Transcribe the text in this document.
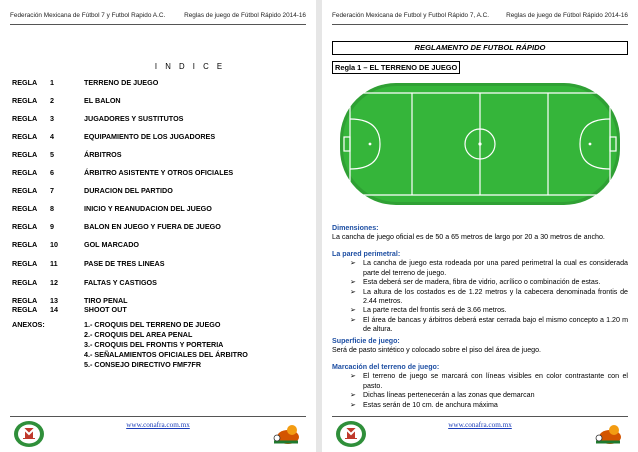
Federación Mexicana de Fútbol 7 y Futbol Rapido A.C.	Reglas de juego de Fútbol Rápido 2014-16
I N D I C E
REGLA 1	TERRENO DE JUEGO
REGLA 2	EL BALON
REGLA 3	JUGADORES Y SUSTITUTOS
REGLA 4	EQUIPAMIENTO DE LOS JUGADORES
REGLA 5	ÁRBITROS
REGLA 6	ÁRBITRO ASISTENTE Y OTROS OFICIALES
REGLA 7	DURACION DEL PARTIDO
REGLA 8	INICIO Y REANUDACION DEL JUEGO
REGLA 9	BALON EN JUEGO Y FUERA DE JUEGO
REGLA 10	GOL MARCADO
REGLA 11	PASE DE TRES LINEAS
REGLA 12	FALTAS Y CASTIGOS
REGLA 13	TIRO PENAL
REGLA 14	SHOOT OUT
ANEXOS:	1.- CROQUIS DEL TERRENO DE JUEGO
2.- CROQUIS DEL AREA PENAL
3.- CROQUIS DEL FRONTIS Y PORTERIA
4.- SEÑALAMIENTOS OFICIALES DEL ÁRBITRO
5.- CONSEJO DIRECTIVO FMF7FR
www.conafra.com.mx
Federación Mexicana de Futbol y Futbol Rápido 7, A.C.	Reglas de juego de Fútbol Rápido 2014-16
REGLAMENTO DE FUTBOL RÁPIDO
Regla 1 – EL TERRENO DE JUEGO
Dimensiones:
La cancha de juego oficial es de 50 a 65 metros de largo por 20 a 30 metros de ancho.
La pared perimetral:
➢ La cancha de juego esta rodeada por una pared perimetral la cual es considerada parte del terreno de juego.
➢ Esta deberá ser de madera, fibra de vidrio, acrílico o combinación de estas.
➢ La altura de los costados es de 1.22 metros y la cabecera denominada frontis de 2.44 metros.
➢ La parte recta del frontis será de 3.66 metros.
➢ El área de bancas y árbitros deberá estar cerrada bajo el mismo concepto a 1.20 m de altura.
Superficie de juego:
Será de pasto sintético y colocado sobre el piso del área de juego.
Marcación del terreno de juego:
➢ El terreno de juego se marcará con líneas visibles en color contrastante con el pasto.
➢ Dichas líneas pertenecerán a las zonas que demarcan
➢ Estas serán de 10 cm. de anchura máxima
www.conafra.com.mx
